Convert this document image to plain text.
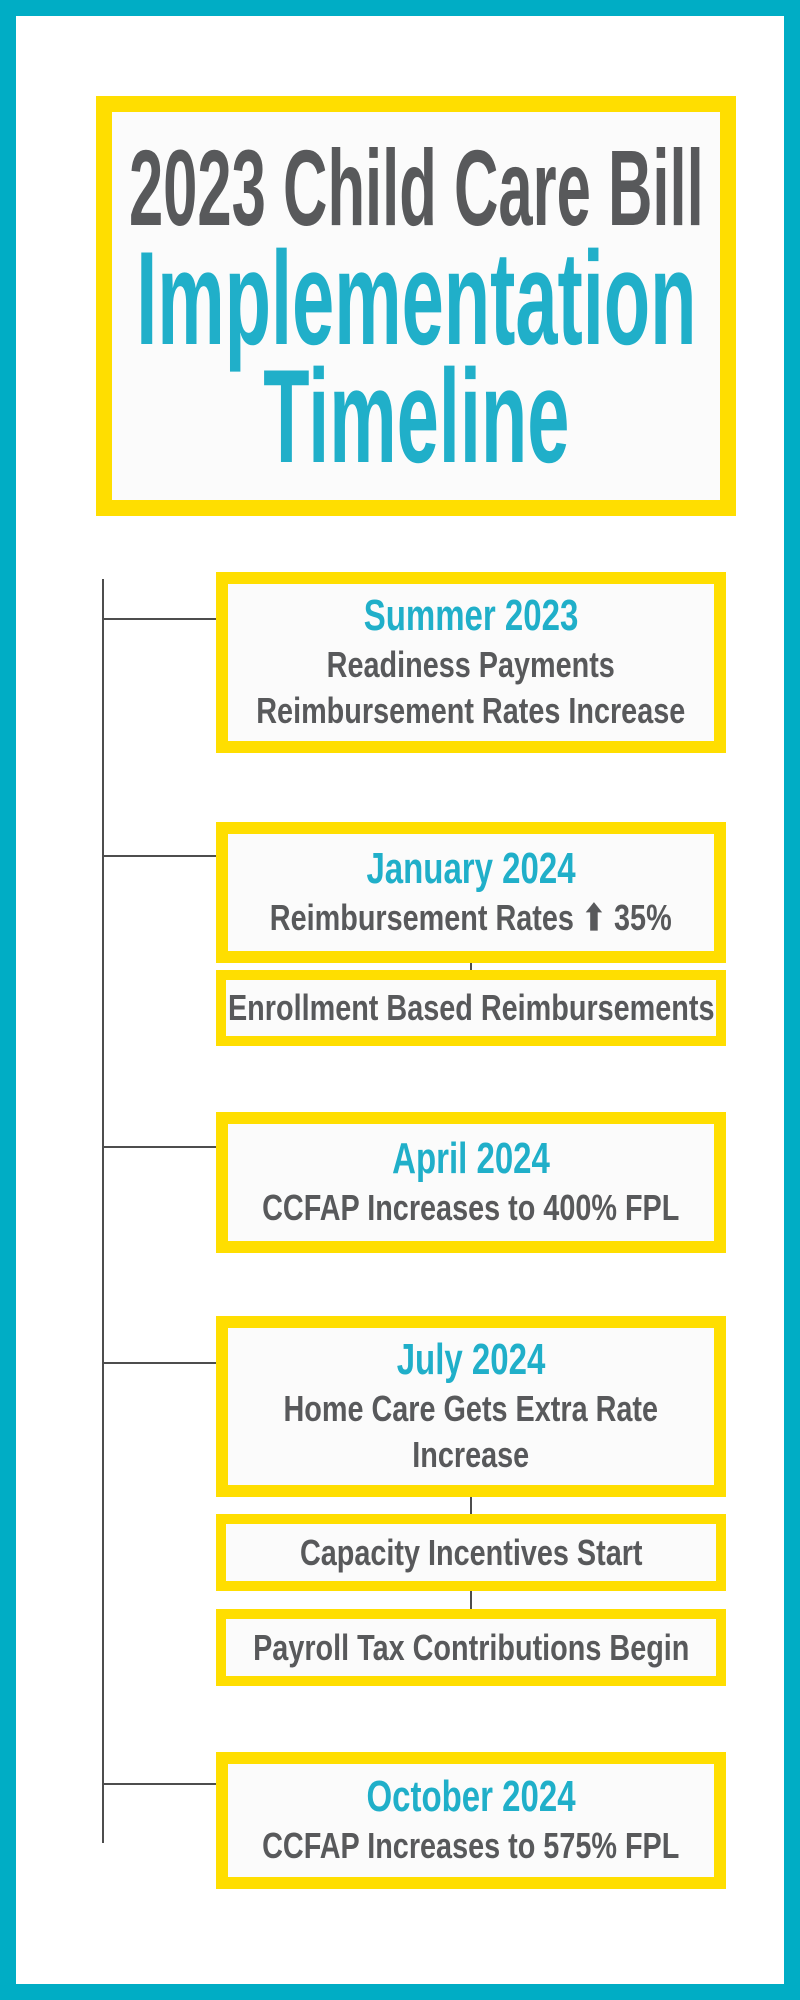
2023 Child Care Bill
Implementation
Timeline
Summer 2023
Readiness Payments
Reimbursement Rates Increase
January 2024
Reimbursement Rates ⬆ 35%
Enrollment Based Reimbursements
April 2024
CCFAP Increases to 400% FPL
July 2024
Home Care Gets Extra Rate Increase
Capacity Incentives Start
Payroll Tax Contributions Begin
October 2024
CCFAP Increases to 575% FPL
